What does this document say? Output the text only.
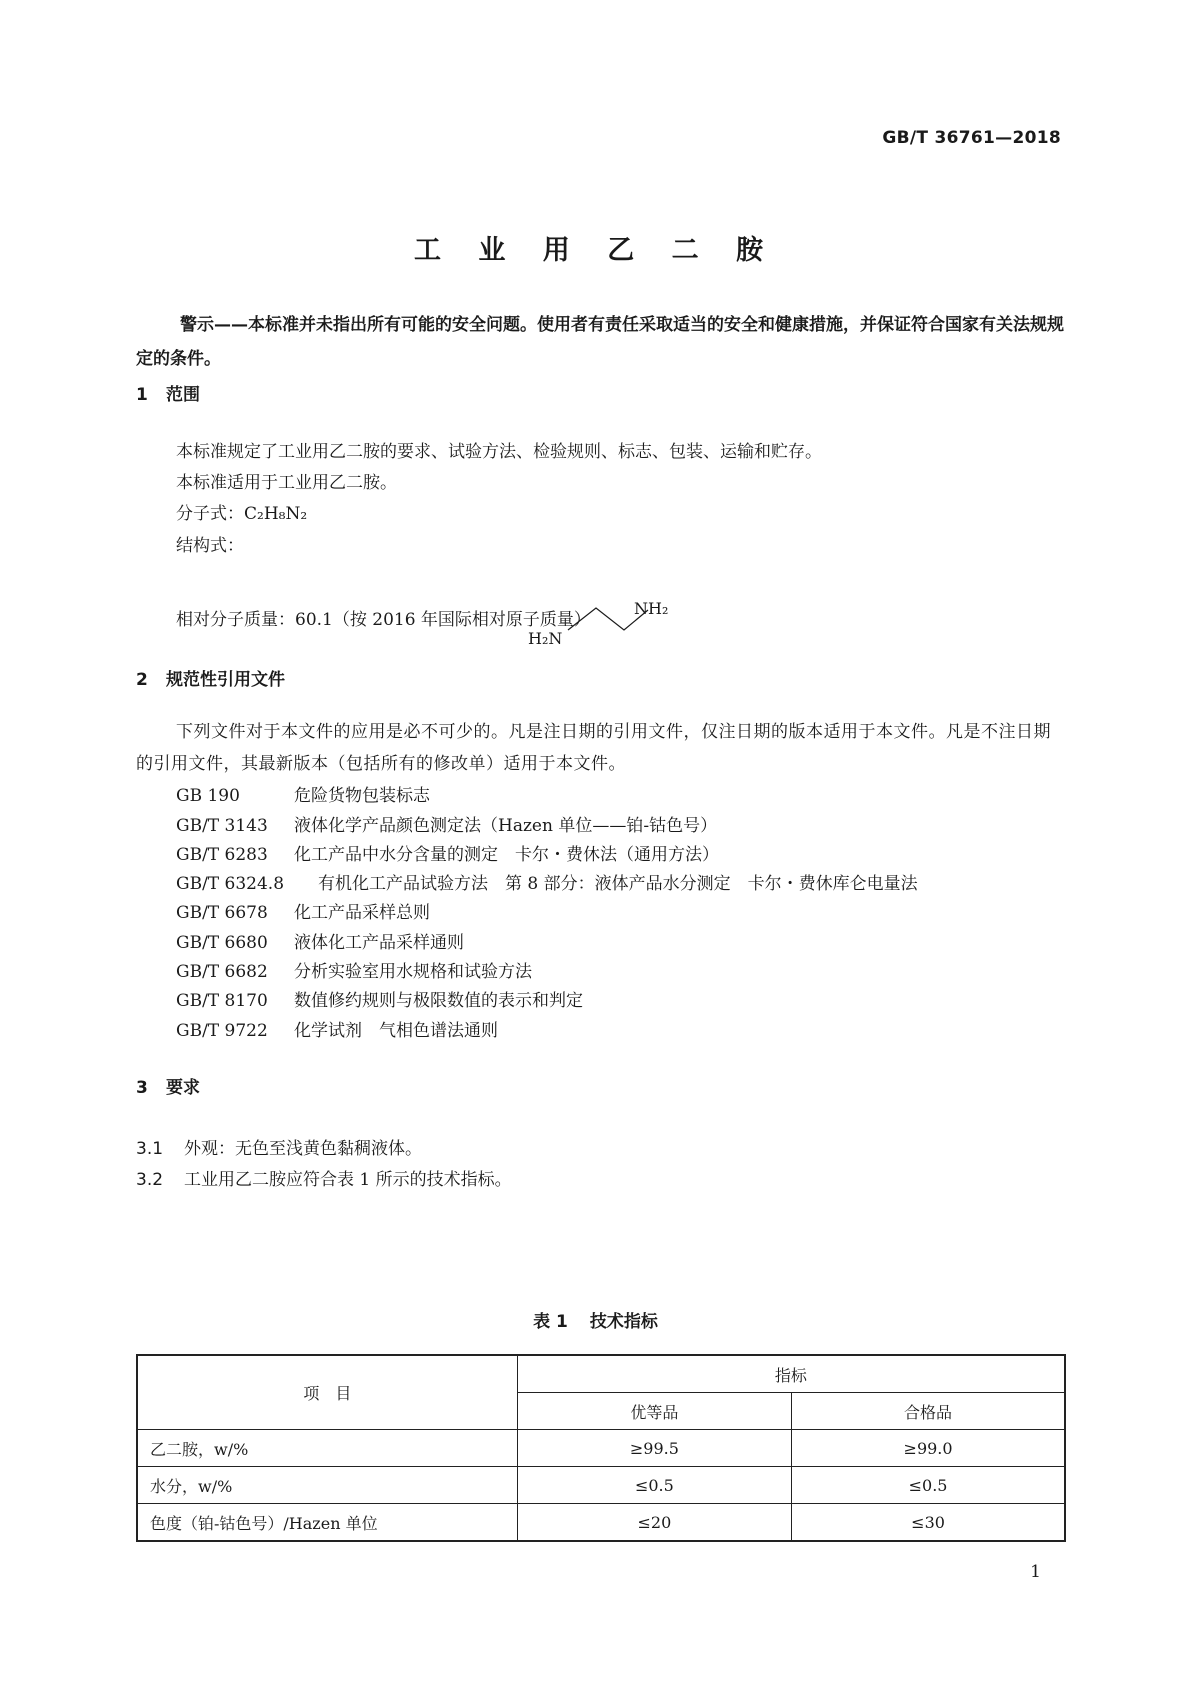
GB/T 36761—2018
工 业 用 乙 二 胺
警示——本标准并未指出所有可能的安全问题。使用者有责任采取适当的安全和健康措施，并保证符合国家有关法规规定的条件。
1 范围
本标准规定了工业用乙二胺的要求、试验方法、检验规则、标志、包装、运输和贮存。
本标准适用于工业用乙二胺。
分子式：C₂H₈N₂
结构式：
H₂N
NH₂
相对分子质量：60.1（按 2016 年国际相对原子质量）
2 规范性引用文件
下列文件对于本文件的应用是必不可少的。凡是注日期的引用文件，仅注日期的版本适用于本文件。凡是不注日期的引用文件，其最新版本（包括所有的修改单）适用于本文件。
GB 190	危险货物包装标志
GB/T 3143 液体化学产品颜色测定法（Hazen 单位——铂-钴色号）
GB/T 6283 化工产品中水分含量的测定　卡尔・费休法（通用方法）
GB/T 6324.8 有机化工产品试验方法　第 8 部分：液体产品水分测定　卡尔・费休库仑电量法
GB/T 6678 化工产品采样总则
GB/T 6680 液体化工产品采样通则
GB/T 6682 分析实验室用水规格和试验方法
GB/T 8170 数值修约规则与极限数值的表示和判定
GB/T 9722 化学试剂　气相色谱法通则
3 要求
3.1 外观：无色至浅黄色黏稠液体。
3.2 工业用乙二胺应符合表 1 所示的技术指标。
表 1 技术指标
项　目	指标	
	优等品	合格品
乙二胺，w/%	≥99.5	≥99.0
水分，w/%	≤0.5	≤0.5
色度（铂-钴色号）/Hazen 单位	≤20	≤30
1
